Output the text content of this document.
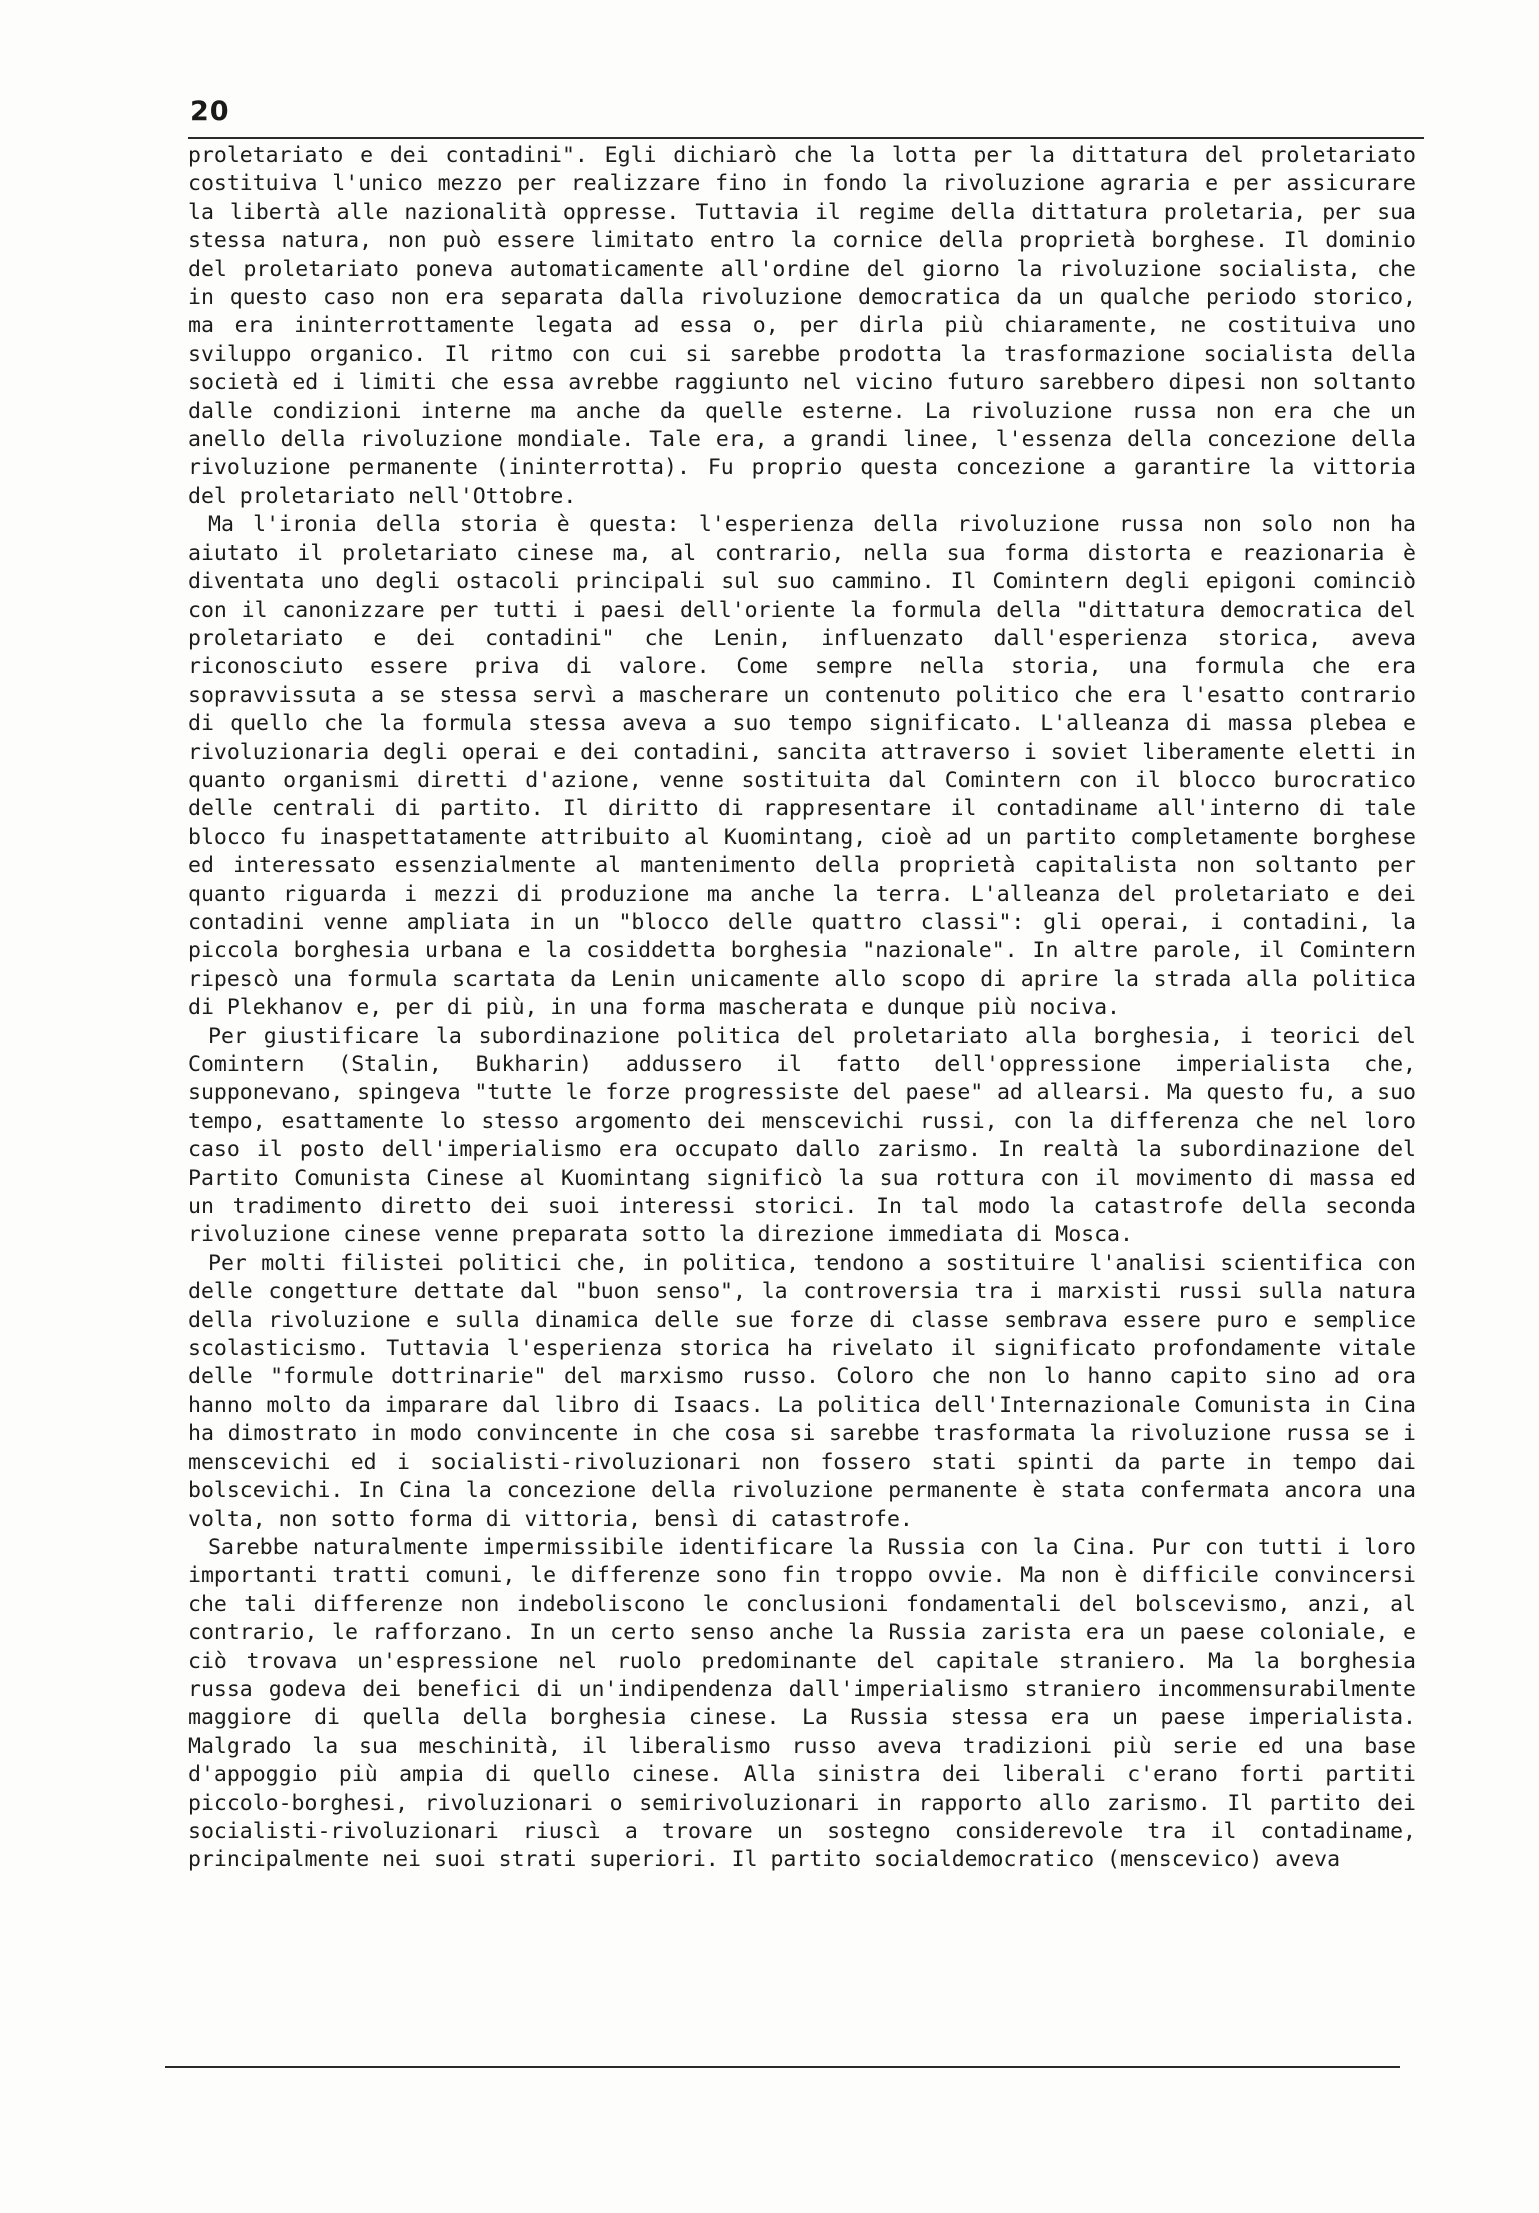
20

proletariato e dei contadini". Egli dichiarò che la lotta per la dittatura del proletariato costituiva l'unico mezzo per realizzare fino in fondo la rivoluzione agraria e per assicurare la libertà alle nazionalità oppresse. Tuttavia il regime della dittatura proletaria, per sua stessa natura, non può essere limitato entro la cornice della proprietà borghese. Il dominio del proletariato poneva automaticamente all'ordine del giorno la rivoluzione socialista, che in questo caso non era separata dalla rivoluzione democratica da un qualche periodo storico, ma era ininterrottamente legata ad essa o, per dirla più chiaramente, ne costituiva uno sviluppo organico. Il ritmo con cui si sarebbe prodotta la trasformazione socialista della società ed i limiti che essa avrebbe raggiunto nel vicino futuro sarebbero dipesi non soltanto dalle condizioni interne ma anche da quelle esterne. La rivoluzione russa non era che un anello della rivoluzione mondiale. Tale era, a grandi linee, l'essenza della concezione della rivoluzione permanente (ininterrotta). Fu proprio questa concezione a garantire la vittoria del proletariato nell'Ottobre.

Ma l'ironia della storia è questa: l'esperienza della rivoluzione russa non solo non ha aiutato il proletariato cinese ma, al contrario, nella sua forma distorta e reazionaria è diventata uno degli ostacoli principali sul suo cammino. Il Comintern degli epigoni cominciò con il canonizzare per tutti i paesi dell'oriente la formula della "dittatura democratica del proletariato e dei contadini" che Lenin, influenzato dall'esperienza storica, aveva riconosciuto essere priva di valore. Come sempre nella storia, una formula che era sopravvissuta a se stessa servì a mascherare un contenuto politico che era l'esatto contrario di quello che la formula stessa aveva a suo tempo significato. L'alleanza di massa plebea e rivoluzionaria degli operai e dei contadini, sancita attraverso i soviet liberamente eletti in quanto organismi diretti d'azione, venne sostituita dal Comintern con il blocco burocratico delle centrali di partito. Il diritto di rappresentare il contadiname all'interno di tale blocco fu inaspettatamente attribuito al Kuomintang, cioè ad un partito completamente borghese ed interessato essenzialmente al mantenimento della proprietà capitalista non soltanto per quanto riguarda i mezzi di produzione ma anche la terra. L'alleanza del proletariato e dei contadini venne ampliata in un "blocco delle quattro classi": gli operai, i contadini, la piccola borghesia urbana e la cosiddetta borghesia "nazionale". In altre parole, il Comintern ripescò una formula scartata da Lenin unicamente allo scopo di aprire la strada alla politica di Plekhanov e, per di più, in una forma mascherata e dunque più nociva.

Per giustificare la subordinazione politica del proletariato alla borghesia, i teorici del Comintern (Stalin, Bukharin) addussero il fatto dell'oppressione imperialista che, supponevano, spingeva "tutte le forze progressiste del paese" ad allearsi. Ma questo fu, a suo tempo, esattamente lo stesso argomento dei menscevichi russi, con la differenza che nel loro caso il posto dell'imperialismo era occupato dallo zarismo. In realtà la subordinazione del Partito Comunista Cinese al Kuomintang significò la sua rottura con il movimento di massa ed un tradimento diretto dei suoi interessi storici. In tal modo la catastrofe della seconda rivoluzione cinese venne preparata sotto la direzione immediata di Mosca.

Per molti filistei politici che, in politica, tendono a sostituire l'analisi scientifica con delle congetture dettate dal "buon senso", la controversia tra i marxisti russi sulla natura della rivoluzione e sulla dinamica delle sue forze di classe sembrava essere puro e semplice scolasticismo. Tuttavia l'esperienza storica ha rivelato il significato profondamente vitale delle "formule dottrinarie" del marxismo russo. Coloro che non lo hanno capito sino ad ora hanno molto da imparare dal libro di Isaacs. La politica dell'Internazionale Comunista in Cina ha dimostrato in modo convincente in che cosa si sarebbe trasformata la rivoluzione russa se i menscevichi ed i socialisti-rivoluzionari non fossero stati spinti da parte in tempo dai bolscevichi. In Cina la concezione della rivoluzione permanente è stata confermata ancora una volta, non sotto forma di vittoria, bensì di catastrofe.

Sarebbe naturalmente impermissibile identificare la Russia con la Cina. Pur con tutti i loro importanti tratti comuni, le differenze sono fin troppo ovvie. Ma non è difficile convincersi che tali differenze non indeboliscono le conclusioni fondamentali del bolscevismo, anzi, al contrario, le rafforzano. In un certo senso anche la Russia zarista era un paese coloniale, e ciò trovava un'espressione nel ruolo predominante del capitale straniero. Ma la borghesia russa godeva dei benefici di un'indipendenza dall'imperialismo straniero incommensurabilmente maggiore di quella della borghesia cinese. La Russia stessa era un paese imperialista. Malgrado la sua meschinità, il liberalismo russo aveva tradizioni più serie ed una base d'appoggio più ampia di quello cinese. Alla sinistra dei liberali c'erano forti partiti piccolo-borghesi, rivoluzionari o semirivoluzionari in rapporto allo zarismo. Il partito dei socialisti-rivoluzionari riuscì a trovare un sostegno considerevole tra il contadiname, principalmente nei suoi strati superiori. Il partito socialdemocratico (menscevico) aveva
